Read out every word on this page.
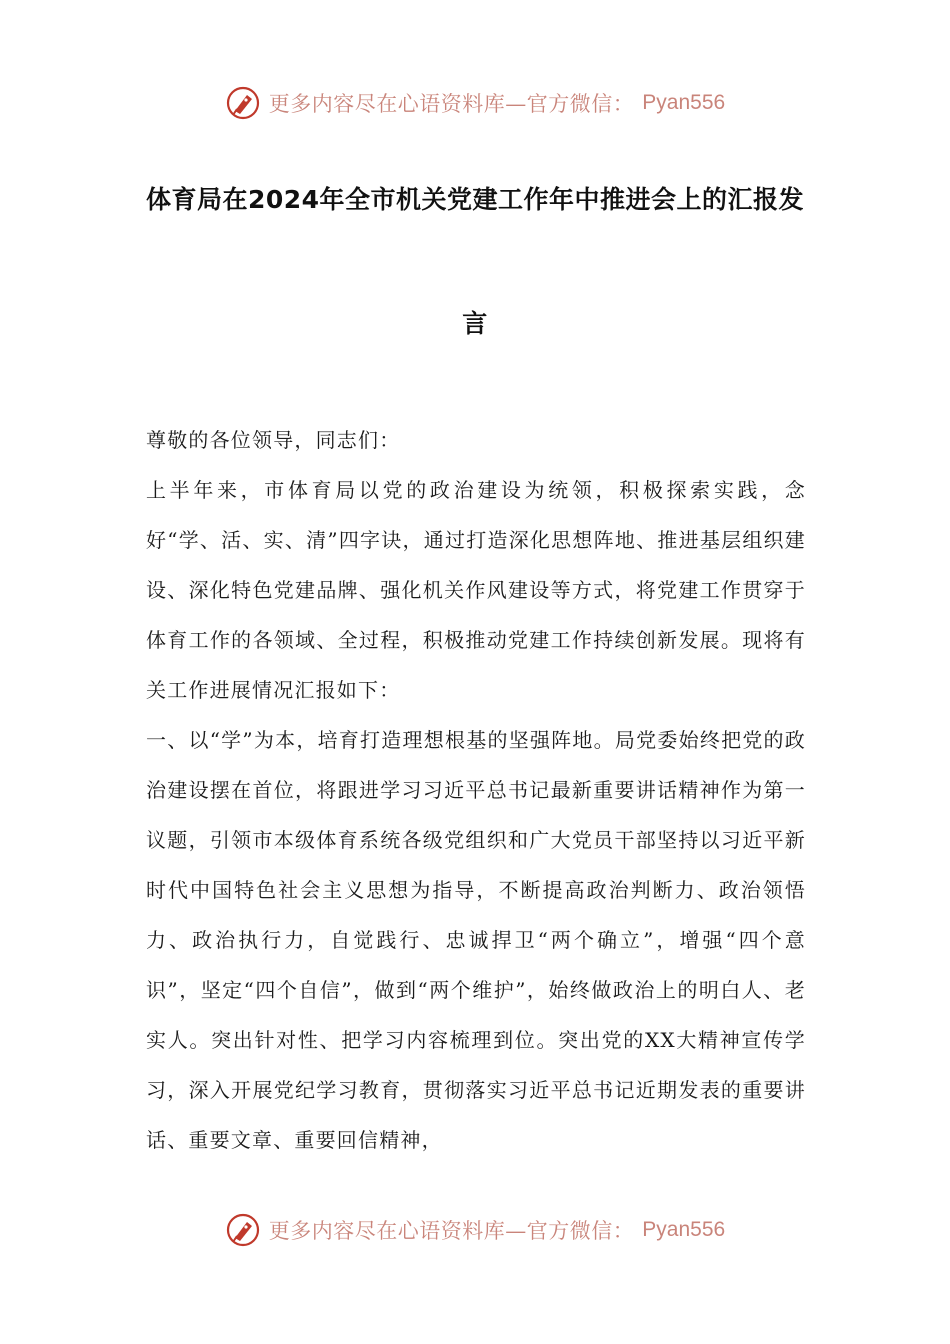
更多内容尽在心语资料库—官方微信： Pyan556
体育局在2024年全市机关党建工作年中推进会上的汇报发
言

尊敬的各位领导，同志们：

上半年来，市体育局以党的政治建设为统领，积极探索实践，念好“学、活、实、清”四字诀，通过打造深化思想阵地、推进基层组织建设、深化特色党建品牌、强化机关作风建设等方式，将党建工作贯穿于体育工作的各领域、全过程，积极推动党建工作持续创新发展。现将有关工作进展情况汇报如下：

一、以“学”为本，培育打造理想根基的坚强阵地。局党委始终把党的政治建设摆在首位，将跟进学习习近平总书记最新重要讲话精神作为第一议题，引领市本级体育系统各级党组织和广大党员干部坚持以习近平新时代中国特色社会主义思想为指导，不断提高政治判断力、政治领悟力、政治执行力，自觉践行、忠诚捍卫“两个确立”，增强“四个意识”，坚定“四个自信”，做到“两个维护”，始终做政治上的明白人、老实人。突出针对性、把学习内容梳理到位。突出党的XX大精神宣传学习，深入开展党纪学习教育，贯彻落实习近平总书记近期发表的重要讲话、重要文章、重要回信精神，

更多内容尽在心语资料库—官方微信： Pyan556
